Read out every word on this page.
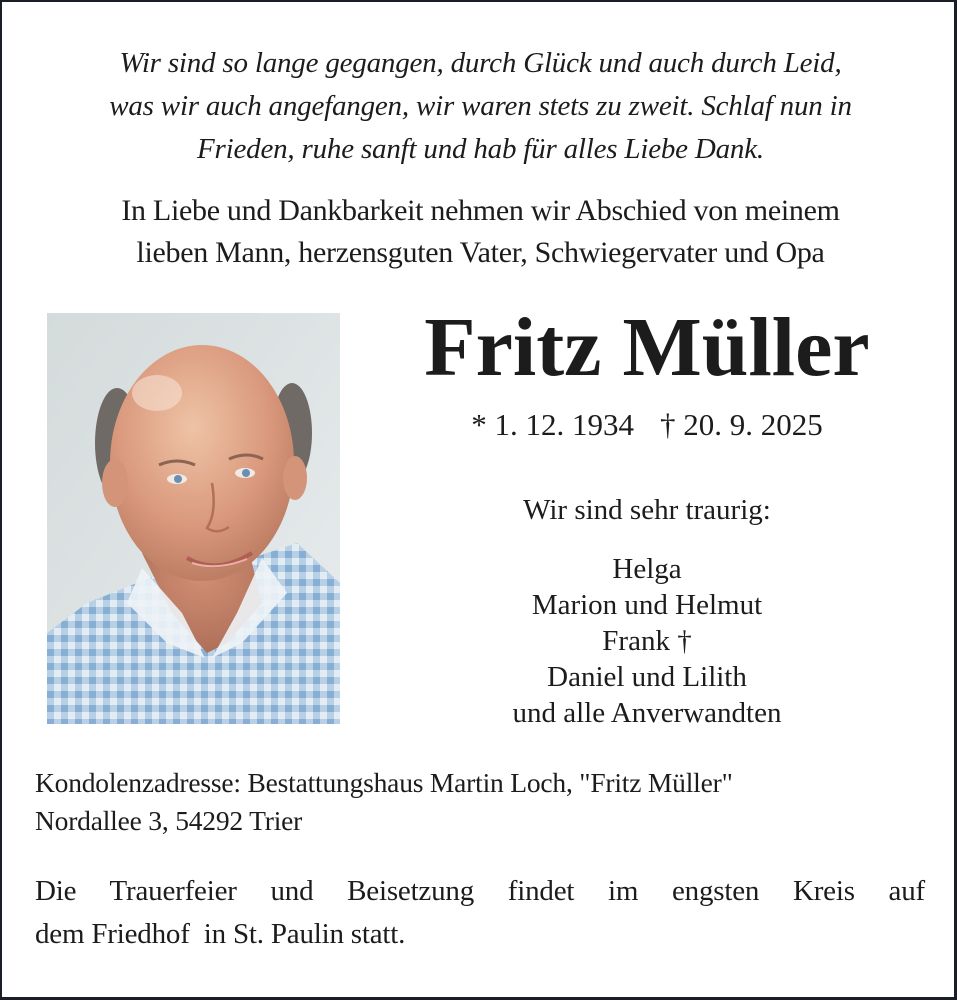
Wir sind so lange gegangen, durch Glück und auch durch Leid,
was wir auch angefangen, wir waren stets zu zweit. Schlaf nun in
Frieden, ruhe sanft und hab für alles Liebe Dank.
In Liebe und Dankbarkeit nehmen wir Abschied von meinem
lieben Mann, herzensguten Vater, Schwiegervater und Opa
Fritz Müller
* 1. 12. 1934 † 20. 9. 2025
Wir sind sehr traurig:
Helga
Marion und Helmut
Frank †
Daniel und Lilith
und alle Anverwandten
Kondolenzadresse: Bestattungshaus Martin Loch, "Fritz Müller"
Nordallee 3, 54292 Trier
Die Trauerfeier und Beisetzung findet im engsten Kreis auf
dem Friedhof  in St. Paulin statt.
